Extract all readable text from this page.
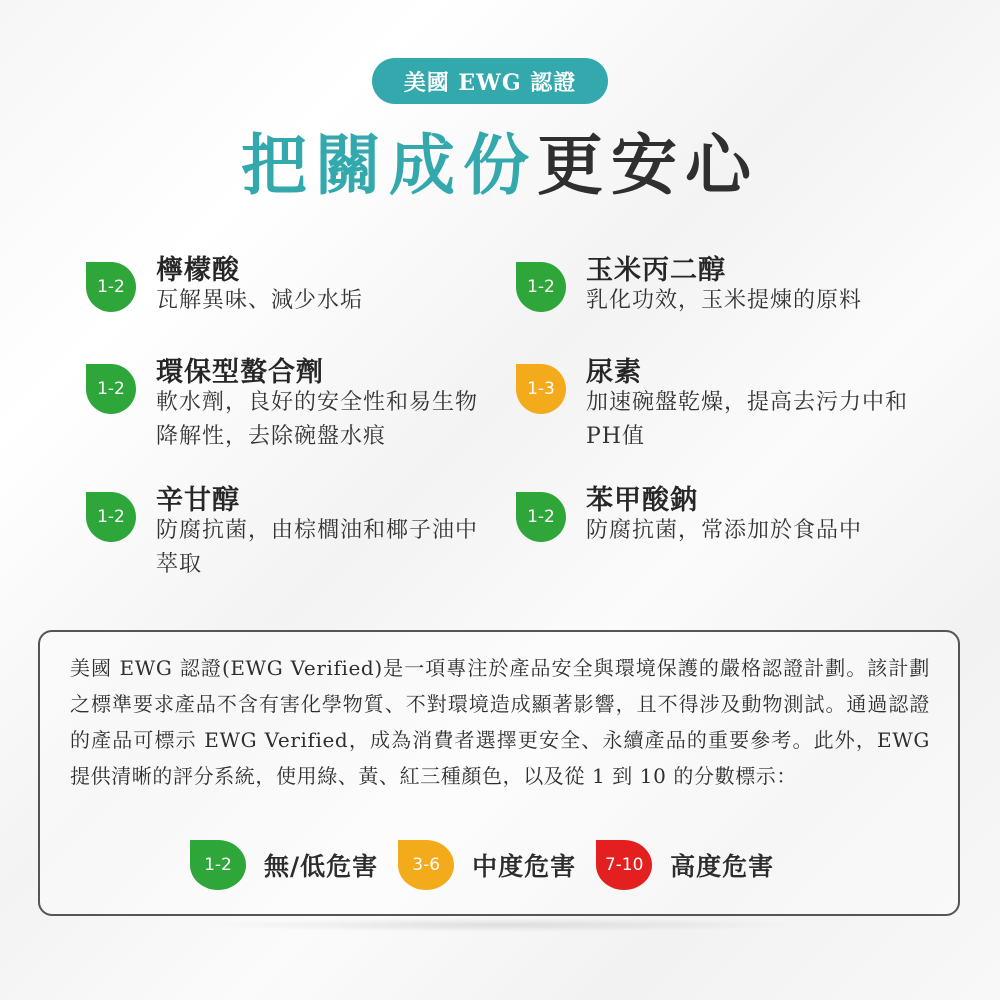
美國 EWG 認證
把關成份更安心
1-2
檸檬酸
瓦解異味、減少水垢
1-2
玉米丙二醇
乳化功效，玉米提煉的原料
1-2
環保型螯合劑
軟水劑，良好的安全性和易生物降解性，去除碗盤水痕
1-3
尿素
加速碗盤乾燥，提高去污力中和PH值
1-2
辛甘醇
防腐抗菌，由棕櫚油和椰子油中萃取
1-2
苯甲酸鈉
防腐抗菌，常添加於食品中
美國 EWG 認證(EWG Verified)是一項專注於產品安全與環境保護的嚴格認證計劃。該計劃之標準要求產品不含有害化學物質、不對環境造成顯著影響，且不得涉及動物測試。通過認證的產品可標示 EWG Verified，成為消費者選擇更安全、永續產品的重要參考。此外，EWG　 提供清晰的評分系統，使用綠、黃、紅三種顏色，以及從 1 到 10 的分數標示：
1-2	無/低危害	3-6	中度危害	7-10	高度危害
